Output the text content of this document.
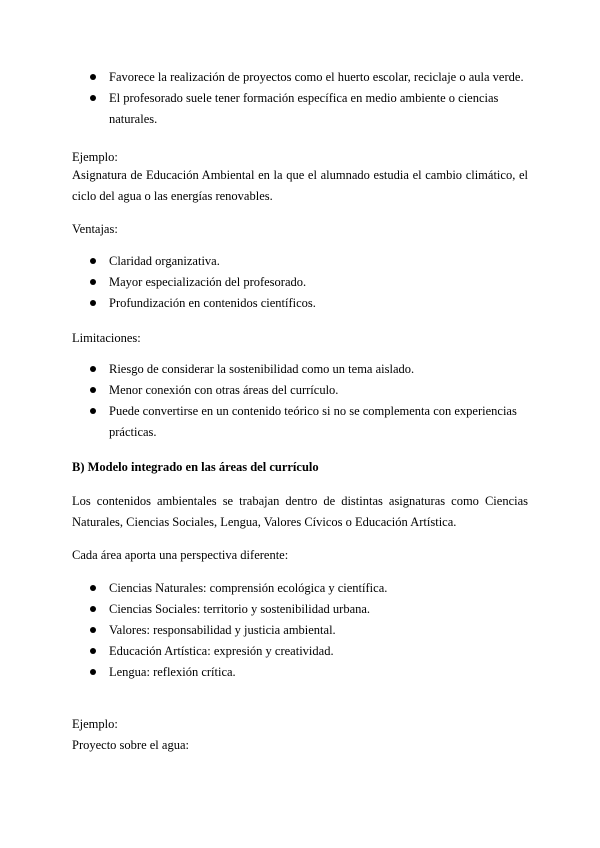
Favorece la realización de proyectos como el huerto escolar, reciclaje o aula verde.
El profesorado suele tener formación específica en medio ambiente o ciencias naturales.

Ejemplo:

Asignatura de Educación Ambiental en la que el alumnado estudia el cambio climático, el ciclo del agua o las energías renovables.

Ventajas:

Claridad organizativa.
Mayor especialización del profesorado.
Profundización en contenidos científicos.

Limitaciones:

Riesgo de considerar la sostenibilidad como un tema aislado.
Menor conexión con otras áreas del currículo.
Puede convertirse en un contenido teórico si no se complementa con experiencias prácticas.

B) Modelo integrado en las áreas del currículo

Los contenidos ambientales se trabajan dentro de distintas asignaturas como Ciencias Naturales, Ciencias Sociales, Lengua, Valores Cívicos o Educación Artística.

Cada área aporta una perspectiva diferente:

Ciencias Naturales: comprensión ecológica y científica.
Ciencias Sociales: territorio y sostenibilidad urbana.
Valores: responsabilidad y justicia ambiental.
Educación Artística: expresión y creatividad.
Lengua: reflexión crítica.

Ejemplo:

Proyecto sobre el agua:
